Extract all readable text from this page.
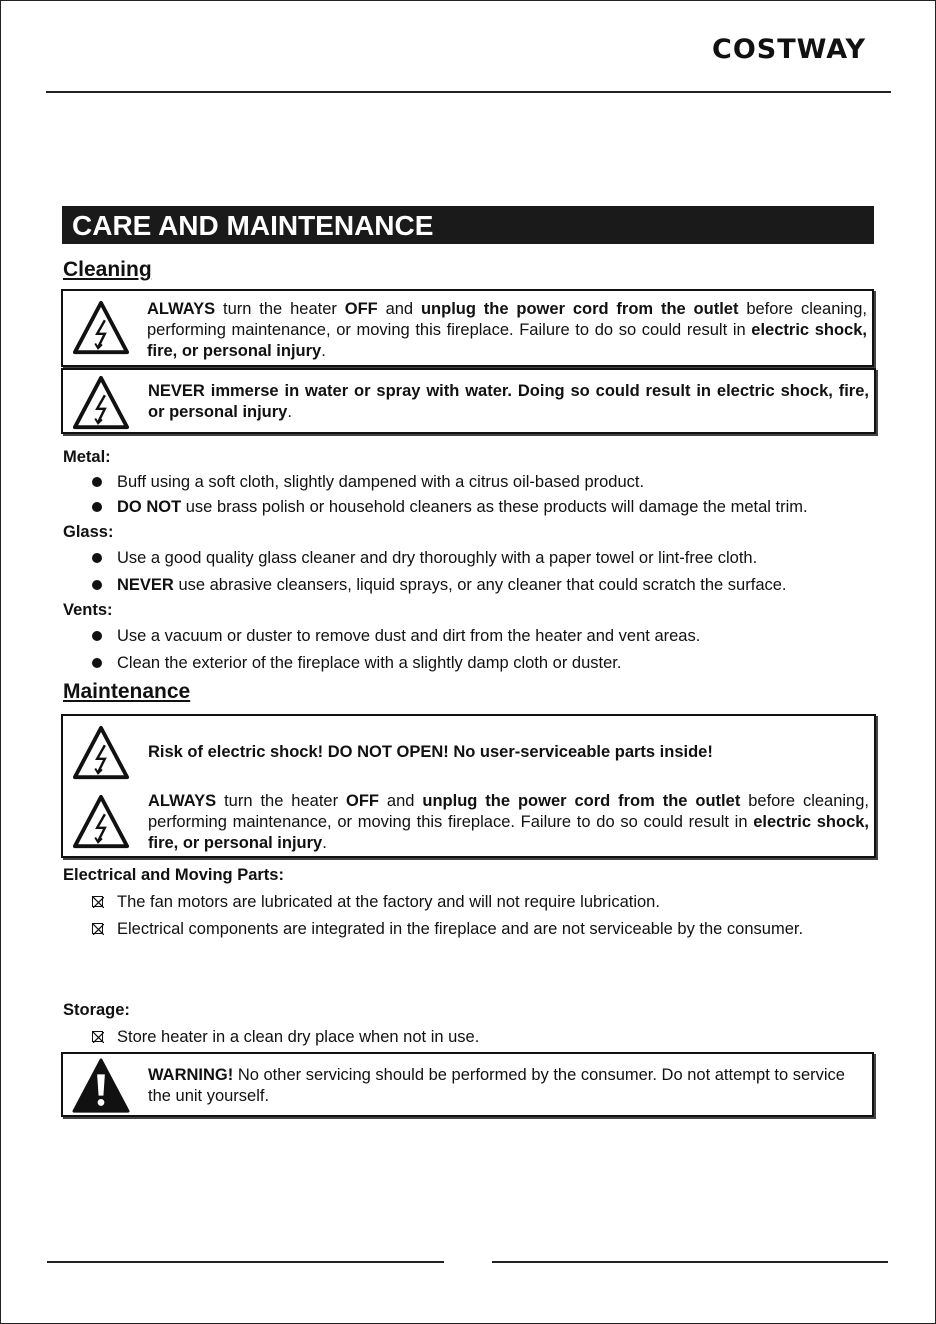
COSTWAY
CARE AND MAINTENANCE
Cleaning
ALWAYS turn the heater OFF and unplug the power cord from the outlet before cleaning, performing maintenance, or moving this fireplace. Failure to do so could result in electric shock, fire, or personal injury.
NEVER immerse in water or spray with water. Doing so could result in electric shock, fire, or personal injury.
Metal:
Buff using a soft cloth, slightly dampened with a citrus oil-based product.
DO NOT use brass polish or household cleaners as these products will damage the metal trim.
Glass:
Use a good quality glass cleaner and dry thoroughly with a paper towel or lint-free cloth.
NEVER use abrasive cleansers, liquid sprays, or any cleaner that could scratch the surface.
Vents:
Use a vacuum or duster to remove dust and dirt from the heater and vent areas.
Clean the exterior of the fireplace with a slightly damp cloth or duster.
Maintenance
Risk of electric shock! DO NOT OPEN! No user-serviceable parts inside!
ALWAYS turn the heater OFF and unplug the power cord from the outlet before cleaning, performing maintenance, or moving this fireplace. Failure to do so could result in electric shock, fire, or personal injury.
Electrical and Moving Parts:
The fan motors are lubricated at the factory and will not require lubrication.
Electrical components are integrated in the fireplace and are not serviceable by the consumer.
Storage:
Store heater in a clean dry place when not in use.
WARNING! No other servicing should be performed by the consumer. Do not attempt to service the unit yourself.
